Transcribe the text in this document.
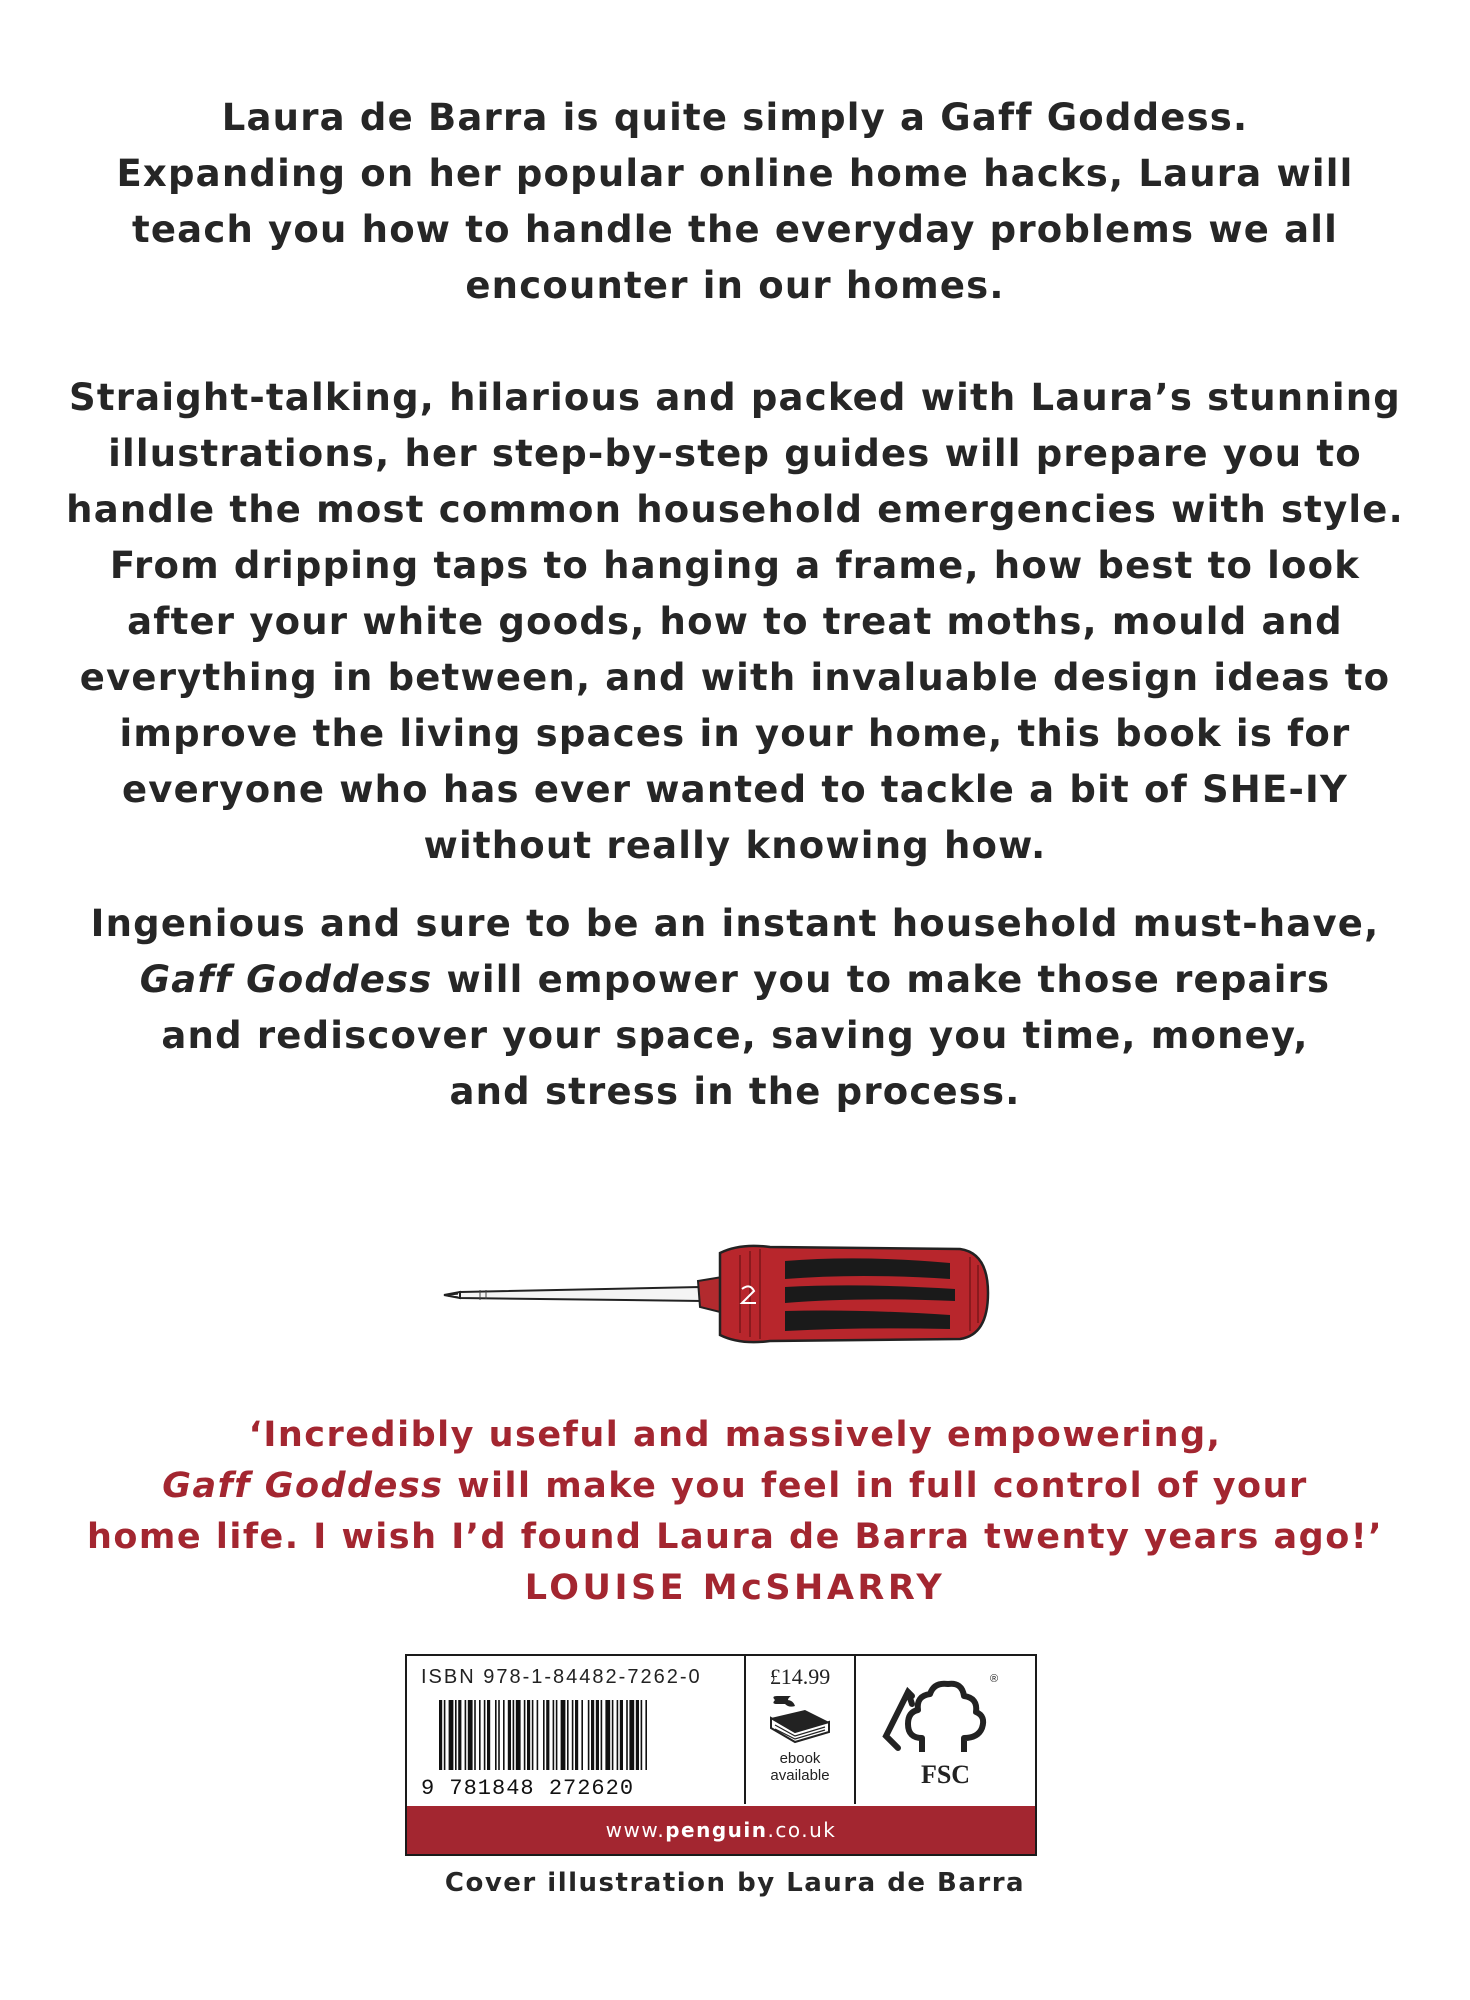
Laura de Barra is quite simply a Gaff Goddess.
Expanding on her popular online home hacks, Laura will
teach you how to handle the everyday problems we all
encounter in our homes.
Straight-talking, hilarious and packed with Laura’s stunning
illustrations, her step-by-step guides will prepare you to
handle the most common household emergencies with style.
From dripping taps to hanging a frame, how best to look
after your white goods, how to treat moths, mould and
everything in between, and with invaluable design ideas to
improve the living spaces in your home, this book is for
everyone who has ever wanted to tackle a bit of SHE-IY
without really knowing how.
Ingenious and sure to be an instant household must-have,
Gaff Goddess will empower you to make those repairs
and rediscover your space, saving you time, money,
and stress in the process.
‘Incredibly useful and massively empowering,
Gaff Goddess will make you feel in full control of your
home life. I wish I’d found Laura de Barra twenty years ago!’
LOUISE McSHARRY
ISBN 978-1-84482-7262-0
9 781848 272620
£14.99
ebook
available
®
FSC
www.penguin.co.uk
Cover illustration by Laura de Barra
